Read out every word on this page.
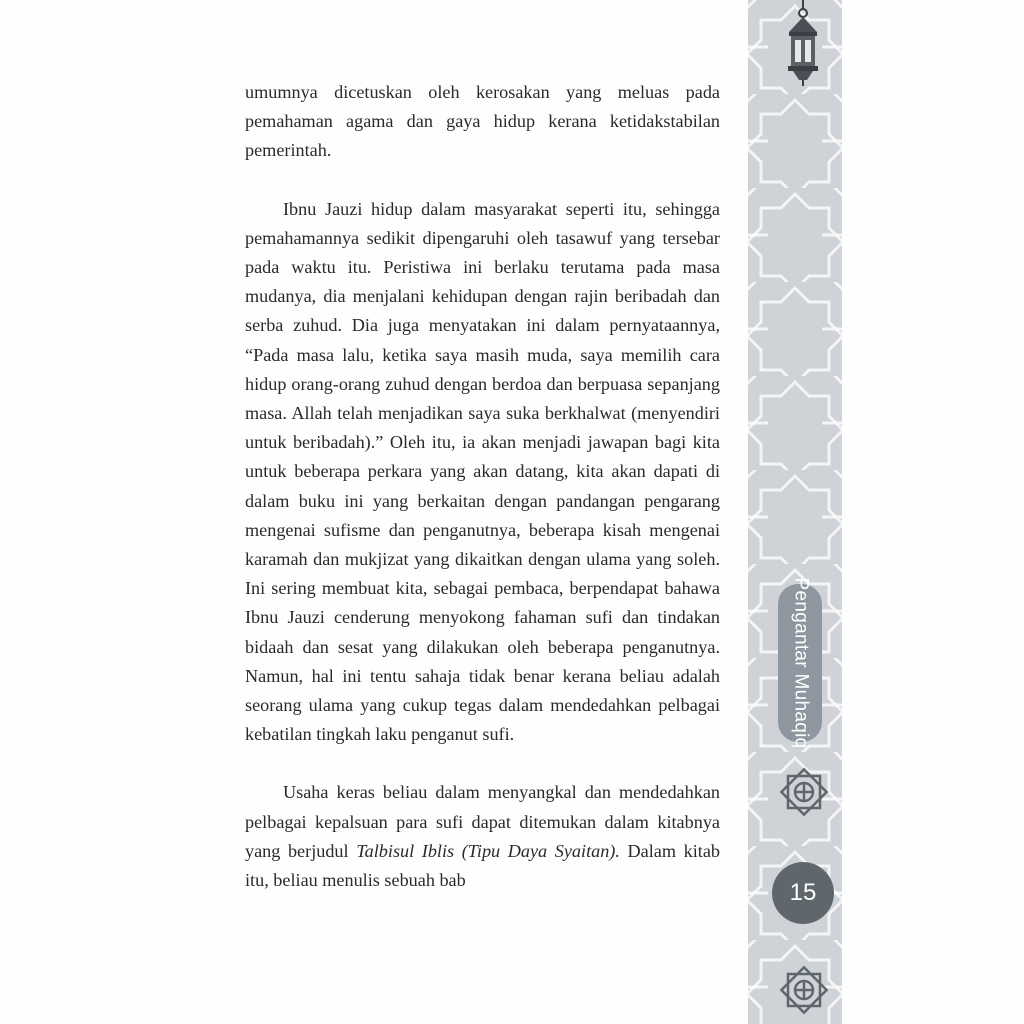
umumnya dicetuskan oleh kerosakan yang meluas pada pemahaman agama dan gaya hidup kerana ketidakstabilan pemerintah.

Ibnu Jauzi hidup dalam masyarakat seperti itu, sehingga pemahamannya sedikit dipengaruhi oleh tasawuf yang tersebar pada waktu itu. Peristiwa ini berlaku terutama pada masa mudanya, dia menjalani kehidupan dengan rajin beribadah dan serba zuhud. Dia juga menyatakan ini dalam pernyataannya, “Pada masa lalu, ketika saya masih muda, saya memilih cara hidup orang-orang zuhud dengan berdoa dan berpuasa sepanjang masa. Allah telah menjadikan saya suka berkhalwat (menyendiri untuk beribadah).” Oleh itu, ia akan menjadi jawapan bagi kita untuk beberapa perkara yang akan datang, kita akan dapati di dalam buku ini yang berkaitan dengan pandangan pengarang mengenai sufisme dan penganutnya, beberapa kisah mengenai karamah dan mukjizat yang dikaitkan dengan ulama yang soleh. Ini sering membuat kita, sebagai pembaca, berpendapat bahawa Ibnu Jauzi cenderung menyokong fahaman sufi dan tindakan bidaah dan sesat yang dilakukan oleh beberapa penganutnya. Namun, hal ini tentu sahaja tidak benar kerana beliau adalah seorang ulama yang cukup tegas dalam mendedahkan pelbagai kebatilan tingkah laku penganut sufi.

Usaha keras beliau dalam menyangkal dan mendedahkan pelbagai kepalsuan para sufi dapat ditemukan dalam kitabnya yang berjudul Talbisul Iblis (Tipu Daya Syaitan). Dalam kitab itu, beliau menulis sebuah bab

Pengantar Muhaqiq
15
